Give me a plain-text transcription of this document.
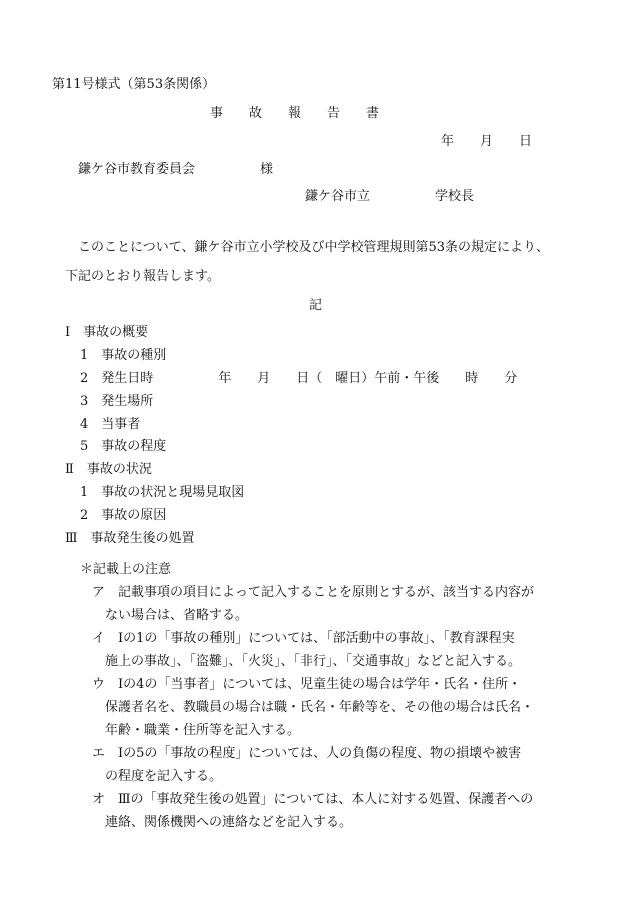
第11号様式（第53条関係）
事　　故　　報　　告　　書
年　　月　　日
鎌ケ谷市教育委員会　　　　　様
鎌ケ谷市立　　　　　学校長
このことについて、鎌ケ谷市立小学校及び中学校管理規則第53条の規定により、
下記のとおり報告します。
記
Ⅰ　事故の概要
1　事故の種別
2　発生日時　　　　　年　　月　　日（　曜日）午前・午後　　時　　分
3　発生場所
4　当事者
5　事故の程度
Ⅱ　事故の状況
1　事故の状況と現場見取図
2　事故の原因
Ⅲ　事故発生後の処置
＊記載上の注意
ア　記載事項の項目によって記入することを原則とするが、該当する内容が
ない場合は、省略する。
イ　Ⅰの1の「事故の種別」については、「部活動中の事故」、「教育課程実
施上の事故」、「盗難」、「火災」、「非行」、「交通事故」などと記入する。
ウ　Ⅰの4の「当事者」については、児童生徒の場合は学年・氏名・住所・
保護者名を、教職員の場合は職・氏名・年齢等を、その他の場合は氏名・
年齢・職業・住所等を記入する。
エ　Ⅰの5の「事故の程度」については、人の負傷の程度、物の損壊や被害
の程度を記入する。
オ　Ⅲの「事故発生後の処置」については、本人に対する処置、保護者への
連絡、関係機関への連絡などを記入する。
